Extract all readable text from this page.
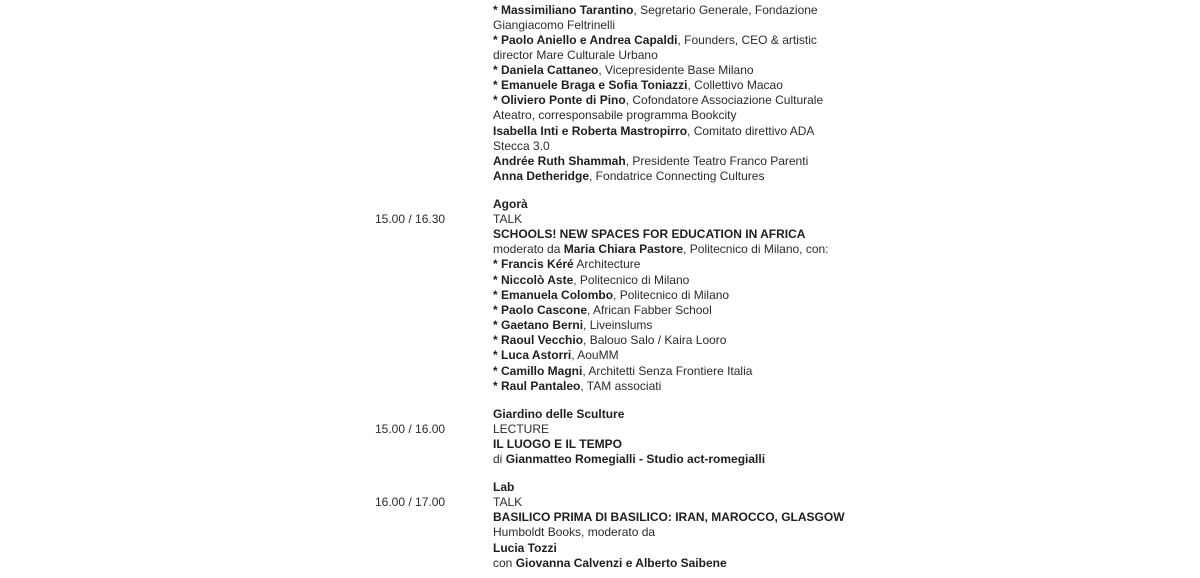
* Massimiliano Tarantino, Segretario Generale, Fondazione
Giangiacomo Feltrinelli
* Paolo Aniello e Andrea Capaldi, Founders, CEO & artistic
director Mare Culturale Urbano
* Daniela Cattaneo, Vicepresidente Base Milano
* Emanuele Braga e Sofia Toniazzi, Collettivo Macao
* Oliviero Ponte di Pino, Cofondatore Associazione Culturale
Ateatro, corresponsabile programma Bookcity
Isabella Inti e Roberta Mastropirro, Comitato direttivo ADA
Stecca 3.0
Andrée Ruth Shammah, Presidente Teatro Franco Parenti
Anna Detheridge, Fondatrice Connecting Cultures
Agorà
15.00 / 16.30	TALK
SCHOOLS! NEW SPACES FOR EDUCATION IN AFRICA
moderato da Maria Chiara Pastore, Politecnico di Milano, con:
* Francis Kéré Architecture
* Niccolò Aste, Politecnico di Milano
* Emanuela Colombo, Politecnico di Milano
* Paolo Cascone, African Fabber School
* Gaetano Berni, Liveinslums
* Raoul Vecchio, Balouo Salo / Kaira Looro
* Luca Astorri, AouMM
* Camillo Magni, Architetti Senza Frontiere Italia
* Raul Pantaleo, TAM associati
Giardino delle Sculture
15.00 / 16.00	LECTURE
IL LUOGO E IL TEMPO
di Gianmatteo Romegialli - Studio act-romegialli
Lab
16.00 / 17.00	TALK
BASILICO PRIMA DI BASILICO: IRAN, MAROCCO, GLASGOW
Humboldt Books, moderato da
Lucia Tozzi
con Giovanna Calvenzi e Alberto Saibene
